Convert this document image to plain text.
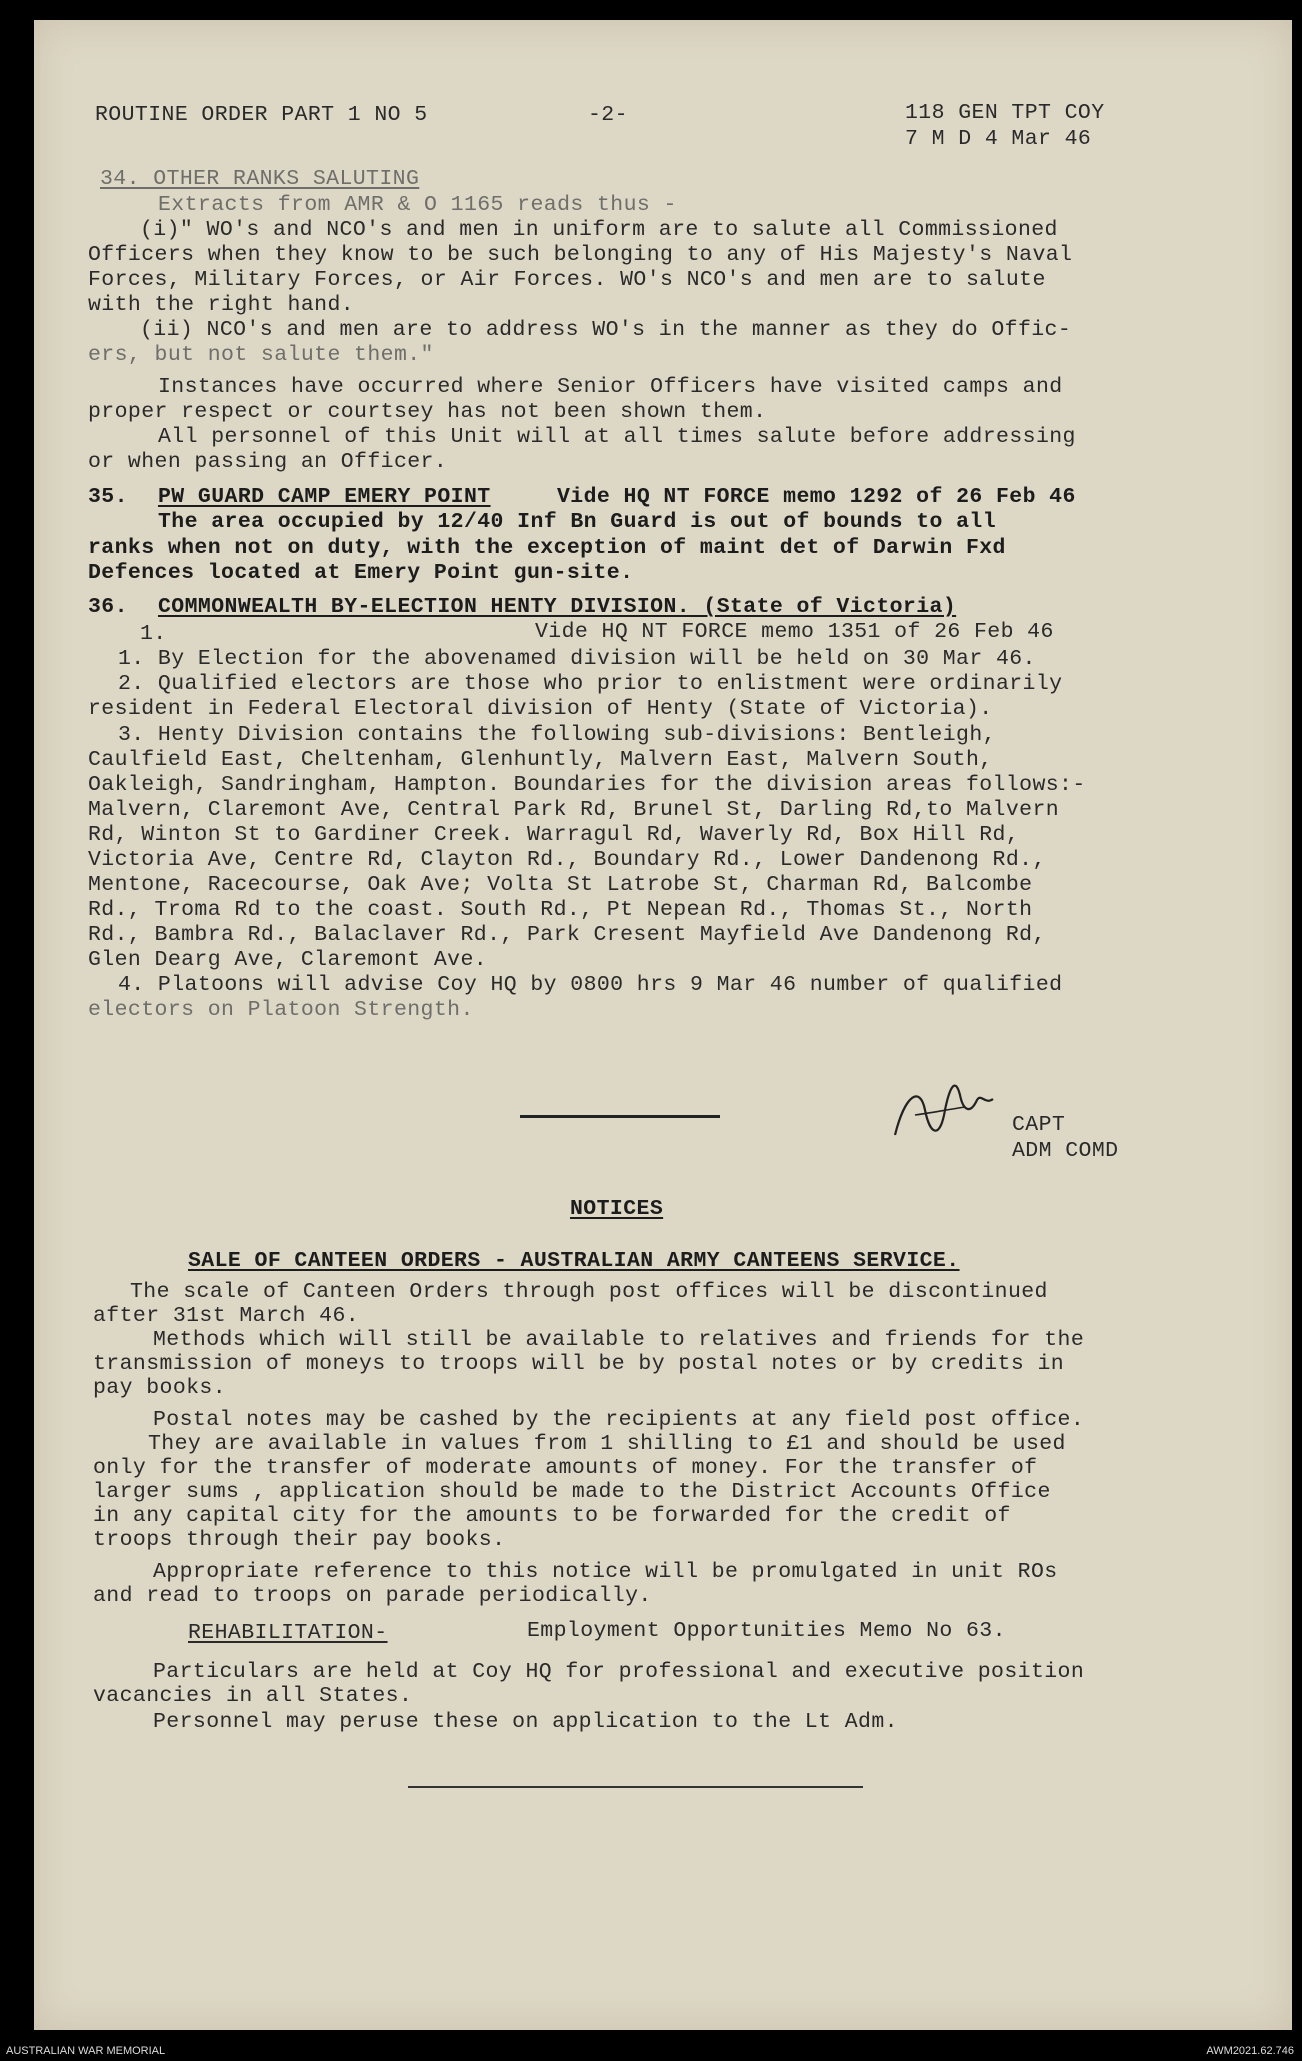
ROUTINE ORDER PART 1 NO 5	-2-	118 GEN TPT COY
7 M D 4 Mar 46
34. OTHER RANKS SALUTING
Extracts from AMR & O 1165 reads thus -
(i)" WO's and NCO's and men in uniform are to salute all Commissioned
Officers when they know to be such belonging to any of His Majesty's Naval
Forces, Military Forces, or Air Forces. WO's NCO's and men are to salute
with the right hand.
(ii) NCO's and men are to address WO's in the manner as they do Offic-
ers, but not salute them."
Instances have occurred where Senior Officers have visited camps and
proper respect or courtsey has not been shown them.
All personnel of this Unit will at all times salute before addressing
or when passing an Officer.
35. PW GUARD CAMP EMERY POINT	Vide HQ NT FORCE memo 1292 of 26 Feb 46
The area occupied by 12/40 Inf Bn Guard is out of bounds to all
ranks when not on duty, with the exception of maint det of Darwin Fxd
Defences located at Emery Point gun-site.
36. COMMONWEALTH BY-ELECTION HENTY DIVISION. (State of Victoria)
1.	Vide HQ NT FORCE memo 1351 of 26 Feb 46
1. By Election for the abovenamed division will be held on 30 Mar 46.
2. Qualified electors are those who prior to enlistment were ordinarily
resident in Federal Electoral division of Henty (State of Victoria).
3. Henty Division contains the following sub-divisions: Bentleigh,
Caulfield East, Cheltenham, Glenhuntly, Malvern East, Malvern South,
Oakleigh, Sandringham, Hampton. Boundaries for the division areas follows:-
Malvern, Claremont Ave, Central Park Rd, Brunel St, Darling Rd,to Malvern
Rd, Winton St to Gardiner Creek. Warragul Rd, Waverly Rd, Box Hill Rd,
Victoria Ave, Centre Rd, Clayton Rd., Boundary Rd., Lower Dandenong Rd.,
Mentone, Racecourse, Oak Ave; Volta St Latrobe St, Charman Rd, Balcombe
Rd., Troma Rd to the coast. South Rd., Pt Nepean Rd., Thomas St., North
Rd., Bambra Rd., Balaclaver Rd., Park Cresent Mayfield Ave Dandenong Rd,
Glen Dearg Ave, Claremont Ave.
4. Platoons will advise Coy HQ by 0800 hrs 9 Mar 46 number of qualified
electors on Platoon Strength.
CAPT
ADM COMD
NOTICES
SALE OF CANTEEN ORDERS - AUSTRALIAN ARMY CANTEENS SERVICE.
The scale of Canteen Orders through post offices will be discontinued
after 31st March 46.
Methods which will still be available to relatives and friends for the
transmission of moneys to troops will be by postal notes or by credits in
pay books.
Postal notes may be cashed by the recipients at any field post office.
They are available in values from 1 shilling to £1 and should be used
only for the transfer of moderate amounts of money. For the transfer of
larger sums , application should be made to the District Accounts Office
in any capital city for the amounts to be forwarded for the credit of
troops through their pay books.
Appropriate reference to this notice will be promulgated in unit ROs
and read to troops on parade periodically.
REHABILITATION-	Employment Opportunities Memo No 63.
Particulars are held at Coy HQ for professional and executive position
vacancies in all States.
Personnel may peruse these on application to the Lt Adm.
AUSTRALIAN WAR MEMORIAL	AWM2021.62.746
